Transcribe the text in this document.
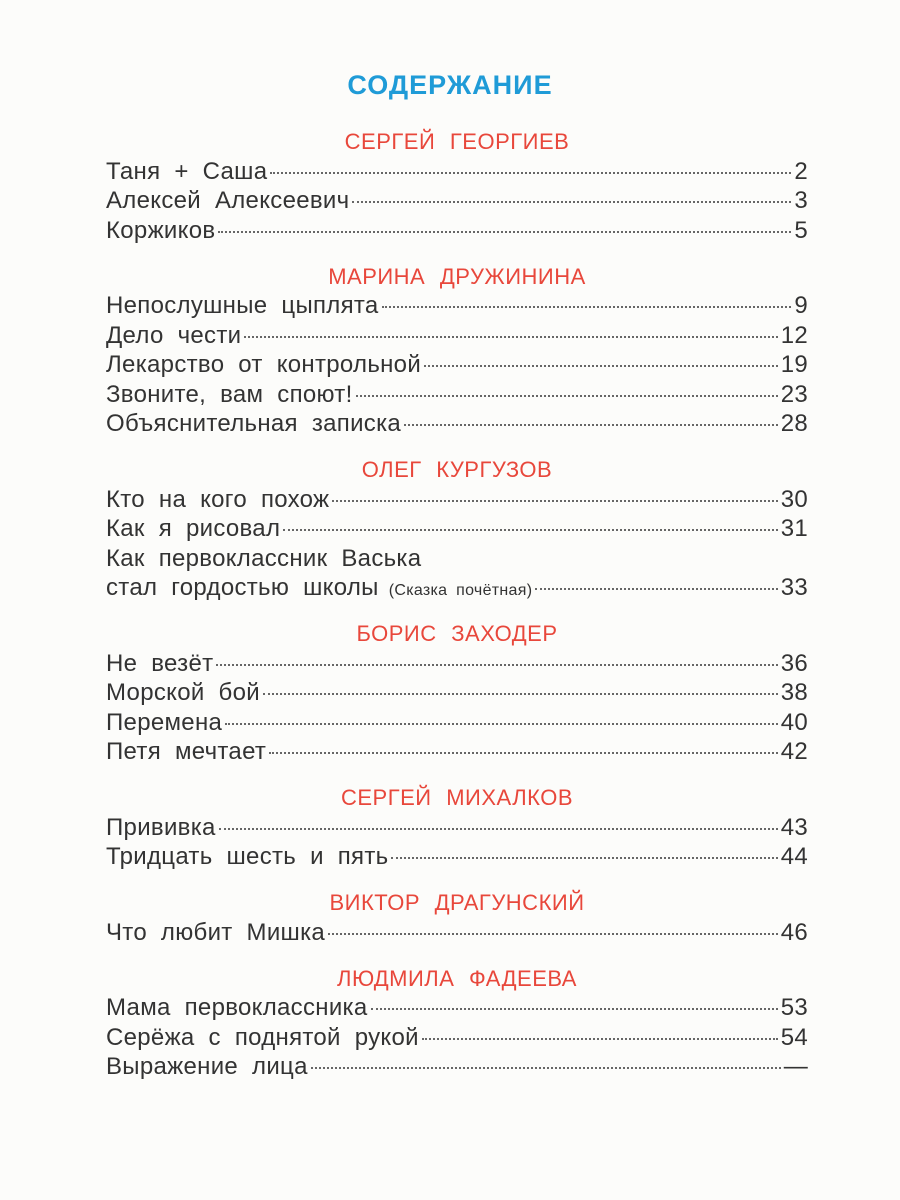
СОДЕРЖАНИЕ
СЕРГЕЙ ГЕОРГИЕВ
Таня + Саша	2
Алексей Алексеевич	3
Коржиков	5
МАРИНА ДРУЖИНИНА
Непослушные цыплята	9
Дело чести	12
Лекарство от контрольной	19
Звоните, вам споют!	23
Объяснительная записка	28
ОЛЕГ КУРГУЗОВ
Кто на кого похож	30
Как я рисовал	31
Как первоклассник Васька
стал гордостью школы (Сказка почётная)	33
БОРИС ЗАХОДЕР
Не везёт	36
Морской бой	38
Перемена	40
Петя мечтает	42
СЕРГЕЙ МИХАЛКОВ
Прививка	43
Тридцать шесть и пять	44
ВИКТОР ДРАГУНСКИЙ
Что любит Мишка	46
ЛЮДМИЛА ФАДЕЕВА
Мама первоклассника	53
Серёжа с поднятой рукой	54
Выражение лица	—
